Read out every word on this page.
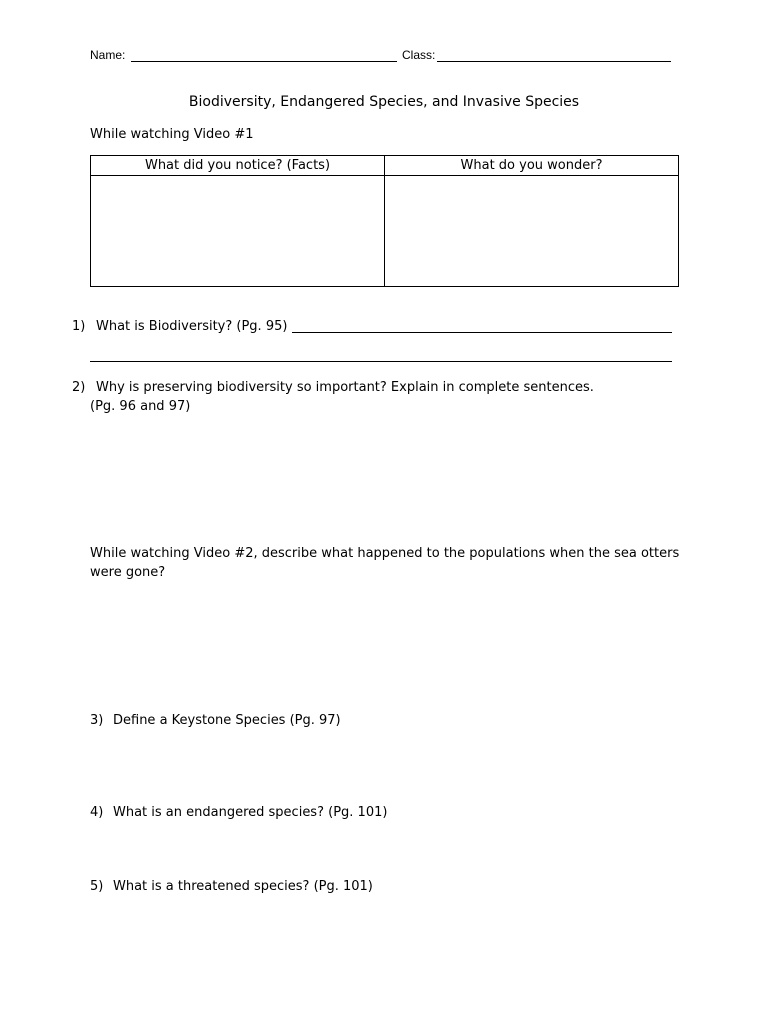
Name:	Class:
Biodiversity, Endangered Species, and Invasive Species
While watching Video #1
What did you notice? (Facts)	What do you wonder?

1) What is Biodiversity? (Pg. 95)
2) Why is preserving biodiversity so important? Explain in complete sentences.
(Pg. 96 and 97)
While watching Video #2, describe what happened to the populations when the sea otters
were gone?
3) Define a Keystone Species (Pg. 97)
4) What is an endangered species? (Pg. 101)
5) What is a threatened species? (Pg. 101)
